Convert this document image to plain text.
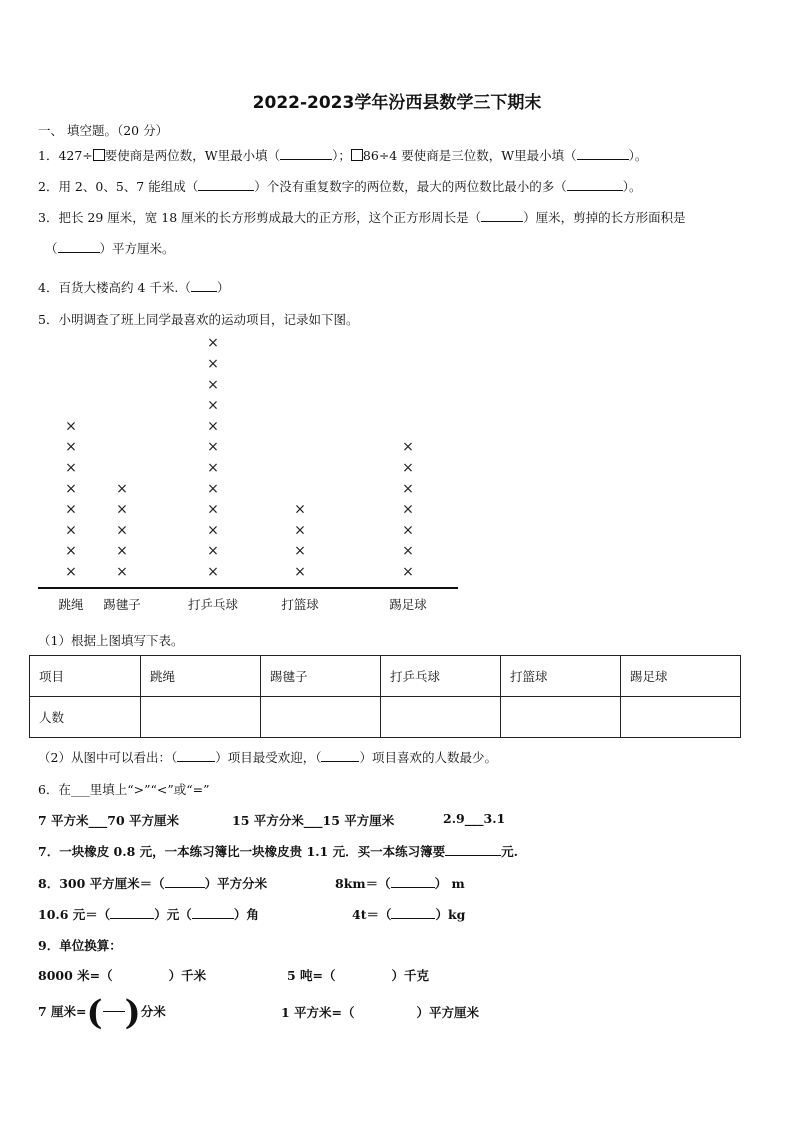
2022-2023学年汾西县数学三下期末
一、 填空题。（20 分）
1．427÷ 要使商是两位数，W里最小填（	）； 86÷4 要使商是三位数，W里最小填（	）。
2．用 2、0、5、7 能组成（	）个没有重复数字的两位数，最大的两位数比最小的多（	）。
3．把长 29 厘米，宽 18 厘米的长方形剪成最大的正方形，这个正方形周长是（	）厘米，剪掉的长方形面积是
（	）平方厘米。
4．百货大楼高约 4 千米.（ ）
5．小明调查了班上同学最喜欢的运动项目，记录如下图。
×
×
×
×
×
×
×
×
跳绳
×
×
×
×
×
踢毽子
×
×
×
×
×
×
×
×
×
×
×
×
打乒乓球
×
×
×
×
打篮球
×
×
×
×
×
×
×
踢足球
（1）根据上图填写下表。
项目	跳绳	踢毽子	打乒乓球	打篮球	踢足球
人数					
（2）从图中可以看出：（	）项目最受欢迎，（	）项目喜欢的人数最少。
6．在___里填上“>”“<”或“=”
7 平方米___70 平方厘米	15 平方分米___15 平方厘米	2.9___3.1
7．一块橡皮 0.8 元，一本练习簿比一块橡皮贵 1.1 元．买一本练习簿要	元.
8．300 平方厘米＝（	）平方分米	8km＝（	） m
10.6 元＝（	）元（	）角	4t＝（	）kg
9．单位换算：
8000 米=（	）千米	5 吨=（	）千克
7 厘米=( )分米	1 平方米=（	）平方厘米
